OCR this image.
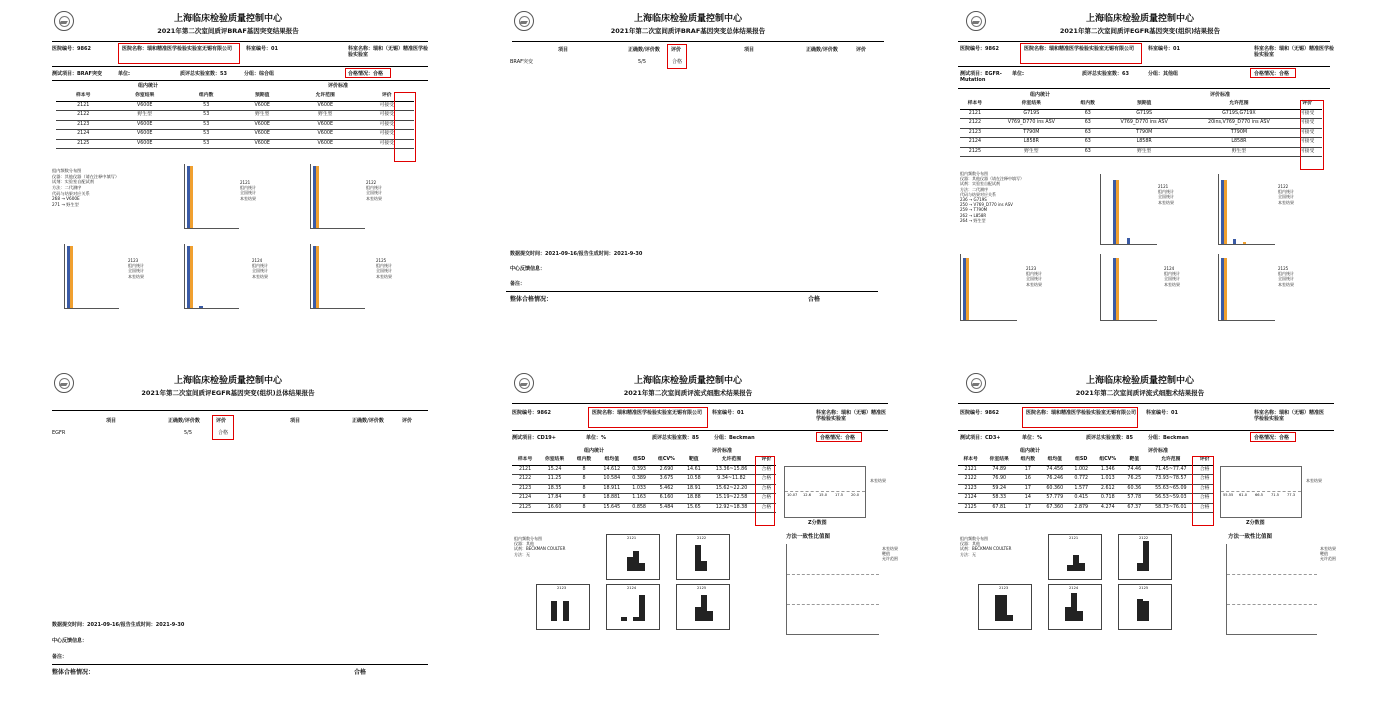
上海临床检验质量控制中心
2021年第二次室间质评BRAF基因突变结果报告
医院编号：9862	医院名称：瑞和精准医学检验实验室无锡有限公司	科室编号：01	科室名称：瑞和（无锡）精准医学检验实验室
测试项目：BRAF突变	单位:	质评总实验室数：53	分组：综合组	合格情况：合格
组内统计	评价标准
样本号	你室结果	组内数	预期值	允许范围	评价
2121	V600E	53	V600E	V600E	可接受
2122	野生型	53	野生型	野生型	可接受
2123	V600E	53	V600E	V600E	可接受
2124	V600E	53	V600E	V600E	可接受
2125	V600E	53	V600E	V600E	可接受
组内频数分布图
仪器：其他仪器（请在注释中填写）
试剂：实验室自配试剂
方法：二代测序
代码与结果对应关系
268 → V600E
271 → 野生型
2121
组内统计
全国统计
本室结果
2122
组内统计
全国统计
本室结果
2123
组内统计
全国统计
本室结果
2124
组内统计
全国统计
本室结果
2125
组内统计
全国统计
本室结果
上海临床检验质量控制中心
2021年第二次室间质评BRAF基因突变总体结果报告
项目	正确数/评价数 评价	项目	正确数/评价数	评价
BRAF突变	5/5	合格
数据提交时间：2021-09-16/报告生成时间：2021-9-30
中心反馈信息：
备注：
整体合格情况：	合格
上海临床检验质量控制中心
2021年第二次室间质评EGFR基因突变(组织)结果报告
医院编号：9862	医院名称：瑞和精准医学检验实验室无锡有限公司	科室编号：01	科室名称：瑞和（无锡）精准医学检验实验室
测试项目：EGFR-Mutation
单位:	质评总实验室数：63	分组：其他组	合格情况：合格
组内统计	评价标准
样本号	你室结果	组内数	预期值	允许范围	评价
2121	G719S	63	G719S	G719S,G719X	可接受
2122	V769_D770 ins ASV	63	V769_D770 ins ASV	20ins,V769_D770 ins ASV	可接受
2123	T790M	63	T790M	T790M	可接受
2124	L858R	63	L858R	L858R	可接受
2125	野生型	63	野生型	野生型	可接受
组内频数分布图
仪器：其他仪器（请在注释中填写）
试剂：实验室自配试剂
方法：二代测序
代码与结果对应关系
236 → G719S
250 → V769_D770 ins ASV
259 → T790M
262 → L858R
264 → 野生型
2121
组内统计
全国统计
本室结果
2122
组内统计
全国统计
本室结果
2123
组内统计
全国统计
本室结果
2124
组内统计
全国统计
本室结果
2125
组内统计
全国统计
本室结果
上海临床检验质量控制中心
2021年第二次室间质评EGFR基因突变(组织)总体结果报告
项目	正确数/评价数	评价	项目	正确数/评价数	评价
EGFR	5/5	合格
数据提交时间：2021-09-16/报告生成时间：2021-9-30
中心反馈信息：
备注：
整体合格情况：	合格
上海临床检验质量控制中心
2021年第二次室间质评流式细胞术结果报告
医院编号：9862	医院名称：瑞和精准医学检验实验室无锡有限公司	科室编号：01	科室名称：瑞和（无锡）精准医学检验实验室
测试项目：CD19+	单位：%	质评总实验室数：85	分组：Beckman	合格情况：合格
组内统计	评价标准
样本号	你室结果	组内数	组均值	组SD	组CV%	靶值	允许范围	评价
2121	15.24	8	14.612	0.393	2.690	14.61	13.36~15.86	合格
2122	11.25	8	10.584	0.389	3.675	10.58	9.34~11.82	合格
2123	18.35	8	18.911	1.033	5.462	18.91	15.62~22.20	合格
2124	17.84	8	18.881	1.163	6.160	18.88	15.19~22.58	合格
2125	16.60	8	15.645	0.858	5.484	15.65	12.92~18.38	合格
10.07 12.6 15.0 17.5 20.0
本室结果
Z分数图
组内频数分布图
仪器：其他
试剂：BECKMAN COULTER
方法：无
2121	2122
2123	2124	2125
方法一致性比值图
本室结果
靶值
允许范围
上海临床检验质量控制中心
2021年第二次室间质评流式细胞术结果报告
医院编号：9862	医院名称：瑞和精准医学检验实验室无锡有限公司	科室编号：01	科室名称：瑞和（无锡）精准医学检验实验室
测试项目：CD3+	单位：%	质评总实验室数：85	分组：Beckman	合格情况：合格
组内统计	评价标准
样本号	你室结果	组内数	组均值	组SD	组CV%	靶值	允许范围	评价
2121	74.89	17	74.456	1.002	1.346	74.46	71.45~77.47	合格
2122	76.90	16	76.246	0.772	1.013	76.25	73.93~78.57	合格
2123	59.24	17	60.360	1.577	2.612	60.36	55.63~65.09	合格
2124	58.33	14	57.779	0.415	0.718	57.78	56.53~59.03	合格
2125	67.81	17	67.360	2.879	4.274	67.37	58.73~76.01	合格
55.55 61.0 66.5 71.5 77.3
本室结果
Z分数图
组内频数分布图
仪器：其他
试剂：BECKMAN COULTER
方法：无
2121	2122
2123	2124	2125
方法一致性比值图
本室结果
靶值
允许范围
